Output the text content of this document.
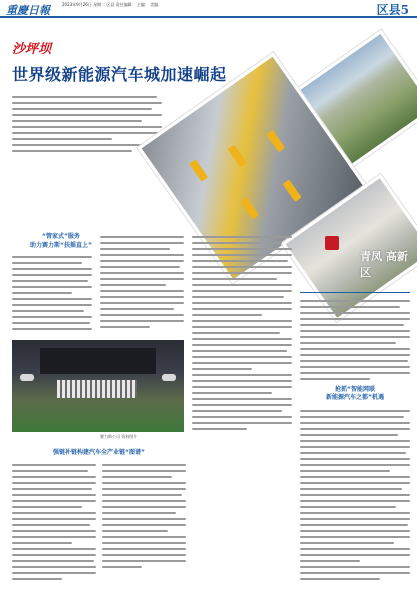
重慶日報	2023年9月26日 星期二 区县 责任编辑： 主编： 美编：	区县5
沙坪坝
世界级新能源汽车城加速崛起
青凤 高新区
“管家式”服务
助力赛力斯“扶摇直上”
赛力斯公司 资料图片
强链补链构建汽车全产业链“图谱”
抢抓“智能网联
新能源汽车之都”机遇
